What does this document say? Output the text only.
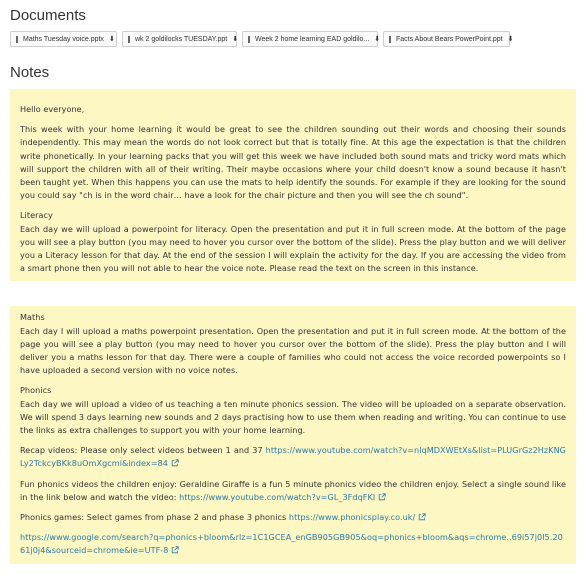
Documents
Maths Tuesday voice.pptx ⬇	wk 2 goldilocks TUESDAY.ppt ⬇ Week 2 home learning EAD goldilo... ⬇ Facts About Bears PowerPoint.ppt ⬇
Notes

Hello everyone,

This week with your home learning it would be great to see the children sounding out their words and choosing their sounds independently. This may mean the words do not look correct but that is totally fine. At this age the expectation is that the children write phonetically. In your learning packs that you will get this week we have included both sound mats and tricky word mats which will support the children with all of their writing. Their maybe occasions where your child doesn't know a sound because it hasn't been taught yet. When this happens you can use the mats to help identify the sounds. For example if they are looking for the sound you could say "ch is in the word chair… have a look for the chair picture and then you will see the ch sound".

Literacy

Each day we will upload a powerpoint for literacy. Open the presentation and put it in full screen mode. At the bottom of the page you will see a play button (you may need to hover you cursor over the bottom of the slide). Press the play button and we will deliver you a Literacy lesson for that day. At the end of the session I will explain the activity for the day. If you are accessing the video from a smart phone then you will not able to hear the voice note. Please read the text on the screen in this instance.

Maths

Each day I will upload a maths powerpoint presentation. Open the presentation and put it in full screen mode. At the bottom of the page you will see a play button (you may need to hover you cursor over the bottom of the slide). Press the play button and I will deliver you a maths lesson for that day. There were a couple of families who could not access the voice recorded powerpoints so I have uploaded a second version with no voice notes.

Phonics

Each day we will upload a video of us teaching a ten minute phonics session. The video will be uploaded on a separate observation. We will spend 3 days learning new sounds and 2 days practising how to use them when reading and writing. You can continue to use the links as extra challenges to support you with your home learning.

Recap videos: Please only select videos between 1 and 37 https://www.youtube.com/watch?v=nlqMDXWEtXs&list=PLUGrGz2HzKNGLy2TckcyBKk8uOmXgcmi&index=84

Fun phonics videos the children enjoy: Geraldine Giraffe is a fun 5 minute phonics video the children enjoy. Select a single sound like in the link below and watch the video: https://www.youtube.com/watch?v=GL_3FdqFKI

Phonics games: Select games from phase 2 and phase 3 phonics https://www.phonicsplay.co.uk/

https://www.google.com/search?q=phonics+bloom&rlz=1C1GCEA_enGB905GB905&oq=phonics+bloom&aqs=chrome..69i57j0l5.2061j0j4&sourceid=chrome&ie=UTF-8
